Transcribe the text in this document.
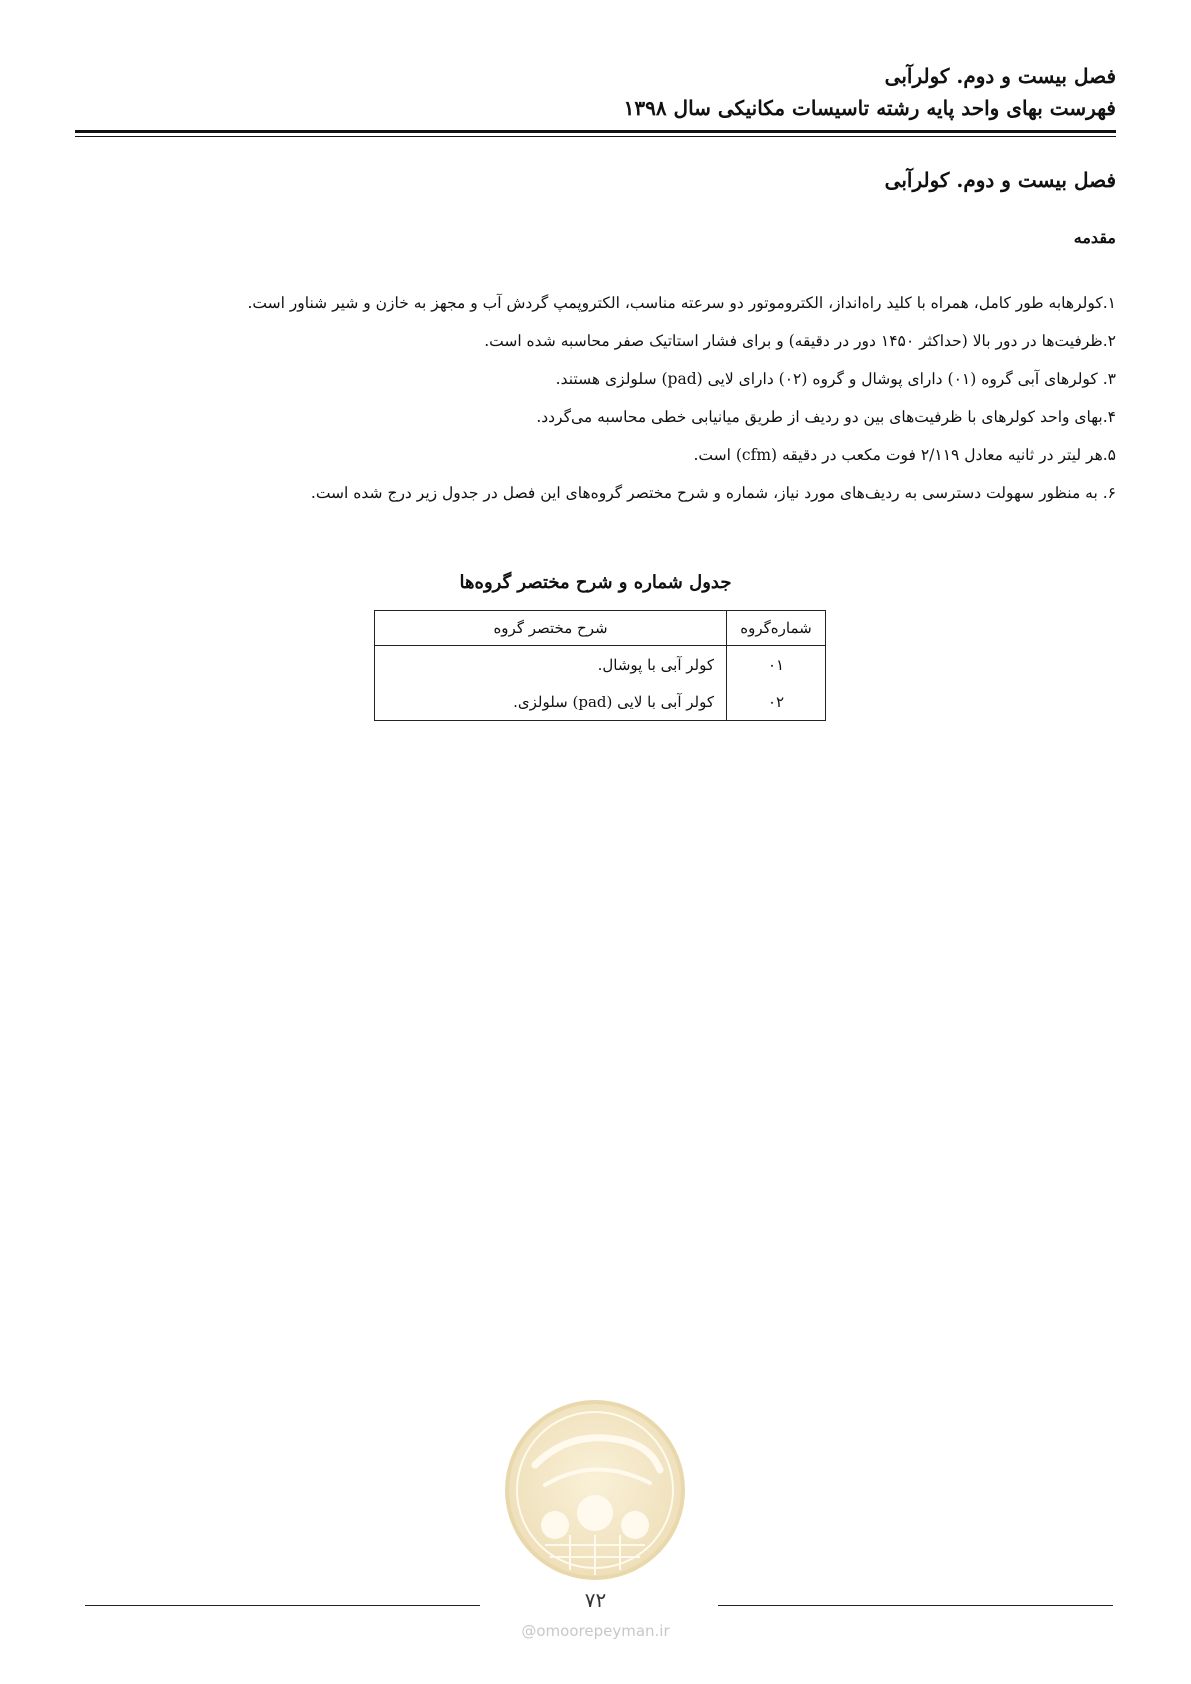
فصل بیست و دوم. کولرآبی
فهرست بهای واحد پایه رشته تاسیسات مکانیکی سال ۱۳۹۸
فصل بیست و دوم. کولرآبی
مقدمه
۱.کولرهابه طور کامل، همراه با کلید راه‌انداز، الکتروموتور دو سرعته مناسب، الکتروپمپ گردش آب و مجهز به خازن و شیر شناور است.
۲.ظرفیت‌ها در دور بالا (حداکثر ۱۴۵۰ دور در دقیقه) و برای فشار استاتیک صفر محاسبه شده است.
۳. کولرهای آبی گروه (۰۱) دارای پوشال و گروه (۰۲) دارای لایی (pad) سلولزی هستند.
۴.بهای واحد کولرهای با ظرفیت‌های بین دو ردیف از طریق میانیابی خطی محاسبه می‌گردد.
۵.هر لیتر در ثانیه معادل ۲/۱۱۹ فوت مکعب در دقیقه (cfm) است.
۶. به منظور سهولت دسترسی به ردیف‌های مورد نیاز، شماره و شرح مختصر گروه‌های این فصل در جدول زیر درج شده است.
جدول شماره و شرح مختصر گروه‌ها
شماره‌گروه	شرح مختصر گروه
۰۱	کولر آبی با پوشال.
۰۲	کولر آبی با لایی (pad) سلولزی.
۷۲
@omoorepeyman.ir
